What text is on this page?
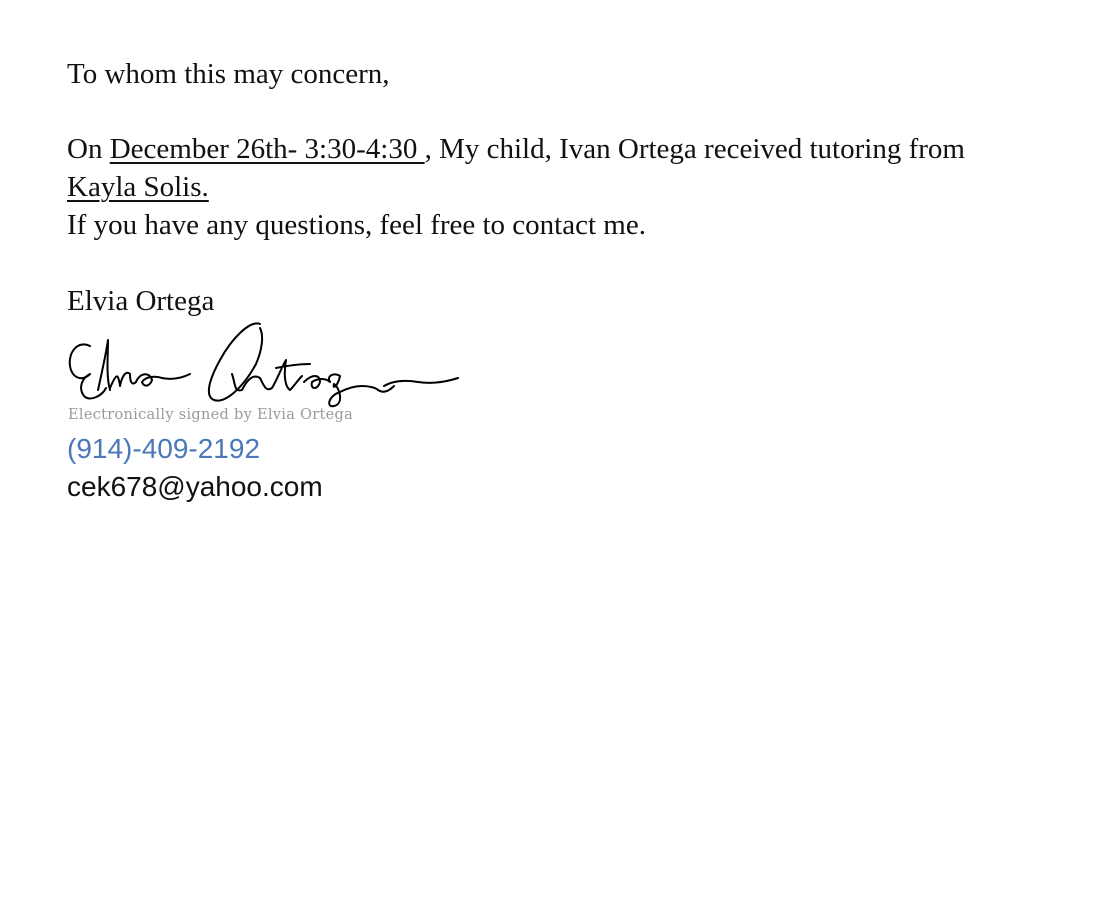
To whom this may concern,
On December 26th- 3:30-4:30 , My child, Ivan Ortega received tutoring from
Kayla Solis.
If you have any questions, feel free to contact me.
Elvia Ortega
Electronically signed by Elvia Ortega
(914)-409-2192
cek678@yahoo.com
